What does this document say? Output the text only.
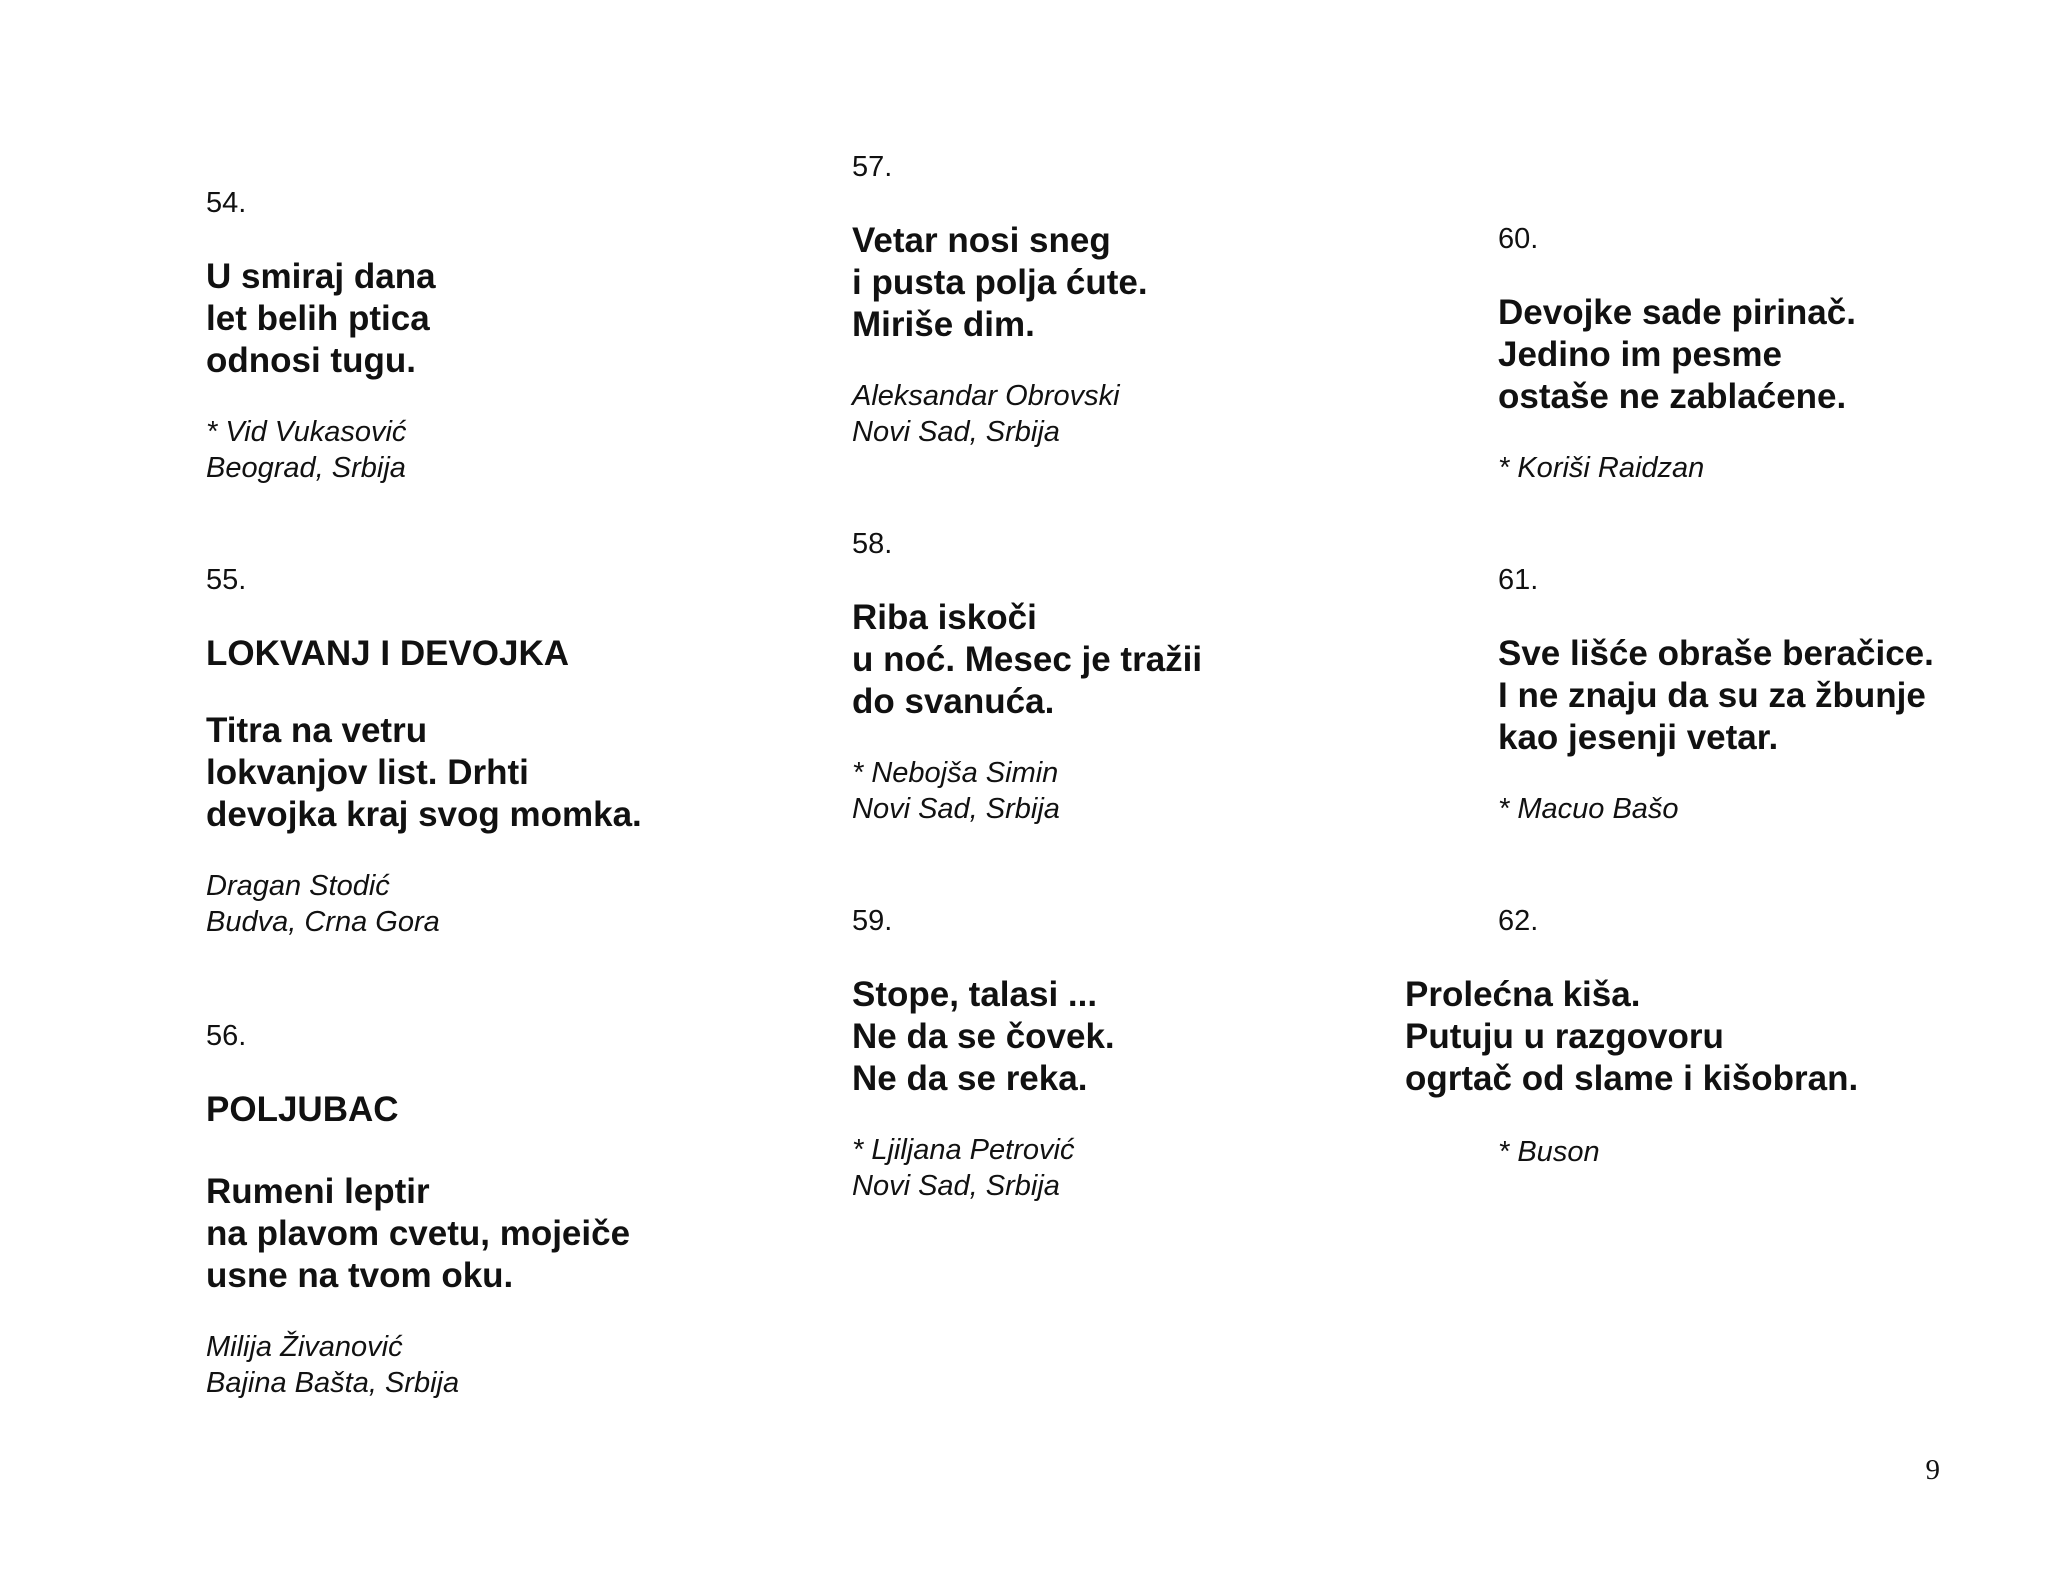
54.
U smiraj dana
let belih ptica
odnosi tugu.
* Vid Vukasović
Beograd, Srbija
55.
LOKVANJ I DEVOJKA
Titra na vetru
lokvanjov list. Drhti
devojka kraj svog momka.
Dragan Stodić
Budva, Crna Gora
56.
POLJUBAC
Rumeni leptir
na plavom cvetu, mojeiče
usne na tvom oku.
Milija Živanović
Bajina Bašta, Srbija
57.
Vetar nosi sneg
i pusta polja ćute.
Miriše dim.
Aleksandar Obrovski
Novi Sad, Srbija
58.
Riba iskoči
u noć. Mesec je tražii
do svanuća.
* Nebojša Simin
Novi Sad, Srbija
59.
Stope, talasi ...
Ne da se čovek.
Ne da se reka.
* Ljiljana Petrović
Novi Sad, Srbija
60.
Devojke sade pirinač.
Jedino im pesme
ostaše ne zablaćene.
* Koriši Raidzan
61.
Sve lišće obraše beračice.
I ne znaju da su za žbunje
kao jesenji vetar.
* Macuo Bašo
62.
Prolećna kiša.
Putuju u razgovoru
ogrtač od slame i kišobran.
* Buson
9
